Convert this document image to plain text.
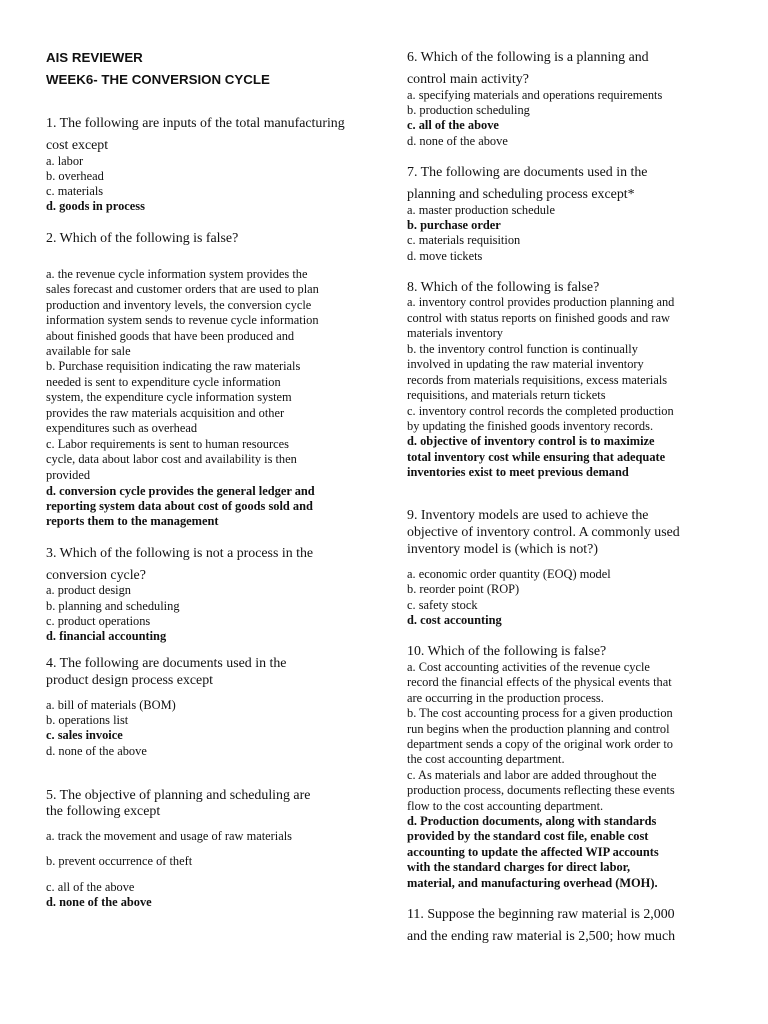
AIS REVIEWER
WEEK6- THE CONVERSION CYCLE
1. The following are inputs of the total manufacturing
cost except
a. labor
b. overhead
c. materials
d. goods in process
2. Which of the following is false?
a. the revenue cycle information system provides the
sales forecast and customer orders that are used to plan
production and inventory levels, the conversion cycle
information system sends to revenue cycle information
about finished goods that have been produced and
available for sale
b. Purchase requisition indicating the raw materials
needed is sent to expenditure cycle information
system, the expenditure cycle information system
provides the raw materials acquisition and other
expenditures such as overhead
c. Labor requirements is sent to human resources
cycle, data about labor cost and availability is then
provided
d. conversion cycle provides the general ledger and
reporting system data about cost of goods sold and
reports them to the management
3. Which of the following is not a process in the
conversion cycle?
a. product design
b. planning and scheduling
c. product operations
d. financial accounting
4. The following are documents used in the
product design process except
a. bill of materials (BOM)
b. operations list
c. sales invoice
d. none of the above
5. The objective of planning and scheduling are
the following except
a. track the movement and usage of raw materials
b. prevent occurrence of theft
c. all of the above
d. none of the above
6. Which of the following is a planning and
control main activity?
a. specifying materials and operations requirements
b. production scheduling
c. all of the above
d. none of the above
7. The following are documents used in the
planning and scheduling process except*
a. master production schedule
b. purchase order
c. materials requisition
d. move tickets
8. Which of the following is false?
a. inventory control provides production planning and
control with status reports on finished goods and raw
materials inventory
b. the inventory control function is continually
involved in updating the raw material inventory
records from materials requisitions, excess materials
requisitions, and materials return tickets
c. inventory control records the completed production
by updating the finished goods inventory records.
d. objective of inventory control is to maximize
total inventory cost while ensuring that adequate
inventories exist to meet previous demand
9. Inventory models are used to achieve the
objective of inventory control. A commonly used
inventory model is (which is not?)
a. economic order quantity (EOQ) model
b. reorder point (ROP)
c. safety stock
d. cost accounting
10. Which of the following is false?
a. Cost accounting activities of the revenue cycle
record the financial effects of the physical events that
are occurring in the production process.
b. The cost accounting process for a given production
run begins when the production planning and control
department sends a copy of the original work order to
the cost accounting department.
c. As materials and labor are added throughout the
production process, documents reflecting these events
flow to the cost accounting department.
d. Production documents, along with standards
provided by the standard cost file, enable cost
accounting to update the affected WIP accounts
with the standard charges for direct labor,
material, and manufacturing overhead (MOH).
11. Suppose the beginning raw material is 2,000
and the ending raw material is 2,500; how much
